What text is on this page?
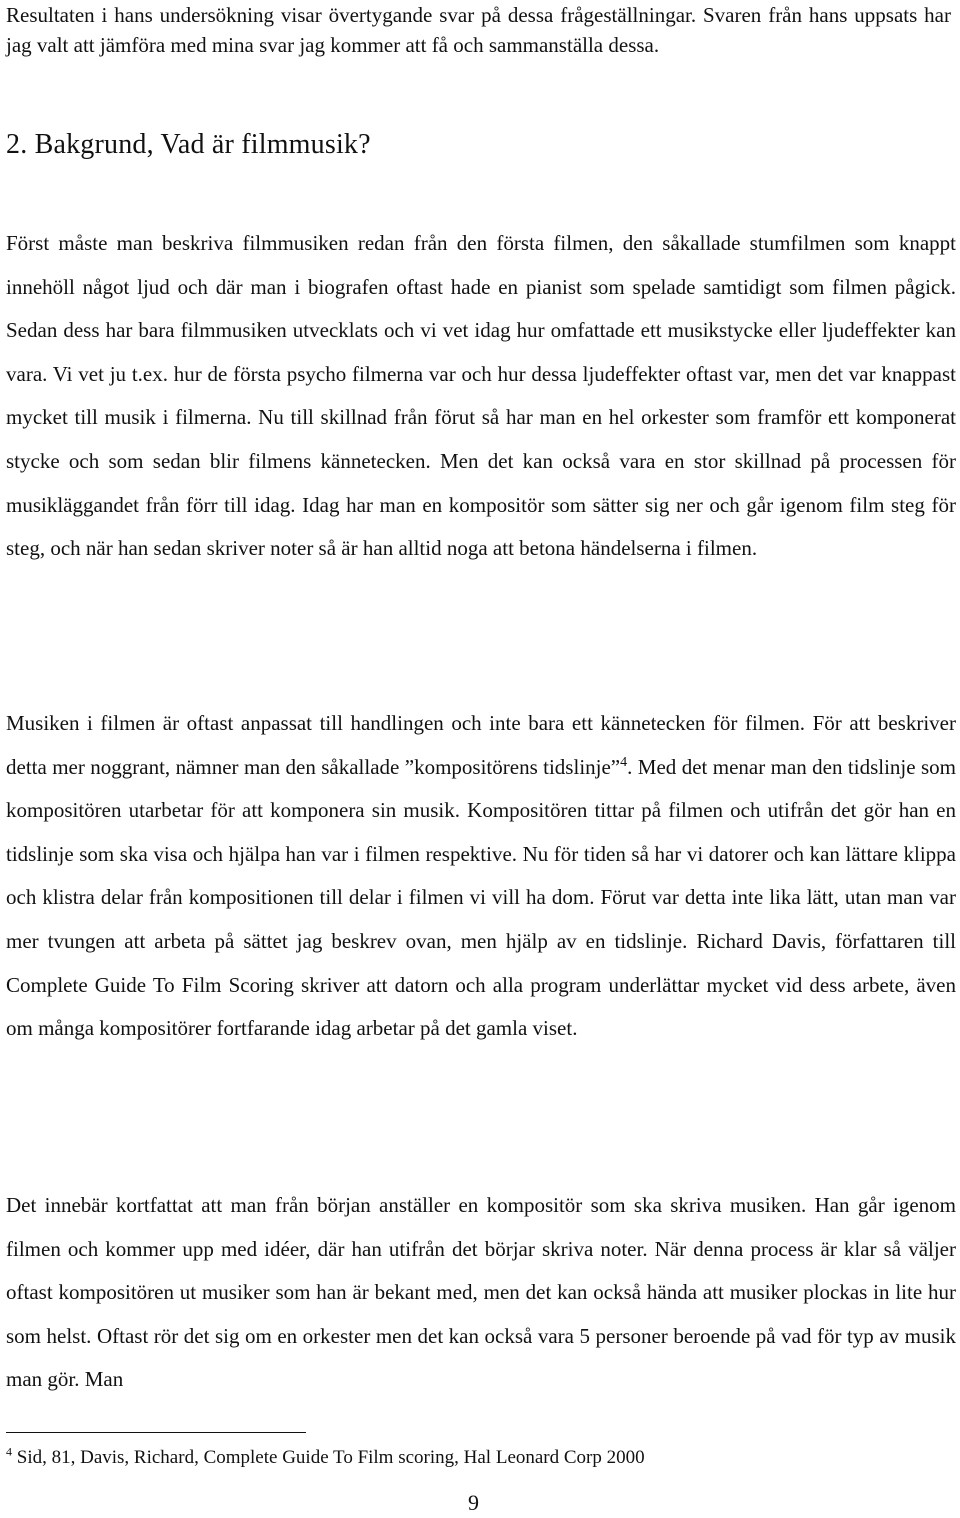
Resultaten i hans undersökning visar övertygande svar på dessa frågeställningar. Svaren från hans uppsats har jag valt att jämföra med mina svar jag kommer att få och sammanställa dessa.

2. Bakgrund, Vad är filmmusik?

Först måste man beskriva filmmusiken redan från den första filmen, den såkallade stumfilmen som knappt innehöll något ljud och där man i biografen oftast hade en pianist som spelade samtidigt som filmen pågick. Sedan dess har bara filmmusiken utvecklats och vi vet idag hur omfattade ett musikstycke eller ljudeffekter kan vara. Vi vet ju t.ex. hur de första psycho filmerna var och hur dessa ljudeffekter oftast var, men det var knappast mycket till musik i filmerna. Nu till skillnad från förut så har man en hel orkester som framför ett komponerat stycke och som sedan blir filmens kännetecken. Men det kan också vara en stor skillnad på processen för musikläggandet från förr till idag. Idag har man en kompositör som sätter sig ner och går igenom film steg för steg, och när han sedan skriver noter så är han alltid noga att betona händelserna i filmen.

Musiken i filmen är oftast anpassat till handlingen och inte bara ett kännetecken för filmen. För att beskriver detta mer noggrant, nämner man den såkallade ”kompositörens tidslinje”$^4$. Med det menar man den tidslinje som kompositören utarbetar för att komponera sin musik. Kompositören tittar på filmen och utifrån det gör han en tidslinje som ska visa och hjälpa han var i filmen respektive. Nu för tiden så har vi datorer och kan lättare klippa och klistra delar från kompositionen till delar i filmen vi vill ha dom. Förut var detta inte lika lätt, utan man var mer tvungen att arbeta på sättet jag beskrev ovan, men hjälp av en tidslinje. Richard Davis, författaren till Complete Guide To Film Scoring skriver att datorn och alla program underlättar mycket vid dess arbete, även om många kompositörer fortfarande idag arbetar på det gamla viset.

Det innebär kortfattat att man från början anställer en kompositör som ska skriva musiken. Han går igenom filmen och kommer upp med idéer, där han utifrån det börjar skriva noter. När denna process är klar så väljer oftast kompositören ut musiker som han är bekant med, men det kan också hända att musiker plockas in lite hur som helst. Oftast rör det sig om en orkester men det kan också vara 5 personer beroende på vad för typ av musik man gör. Man

$^4$ Sid, 81, Davis, Richard, Complete Guide To Film scoring, Hal Leonard Corp 2000

9
